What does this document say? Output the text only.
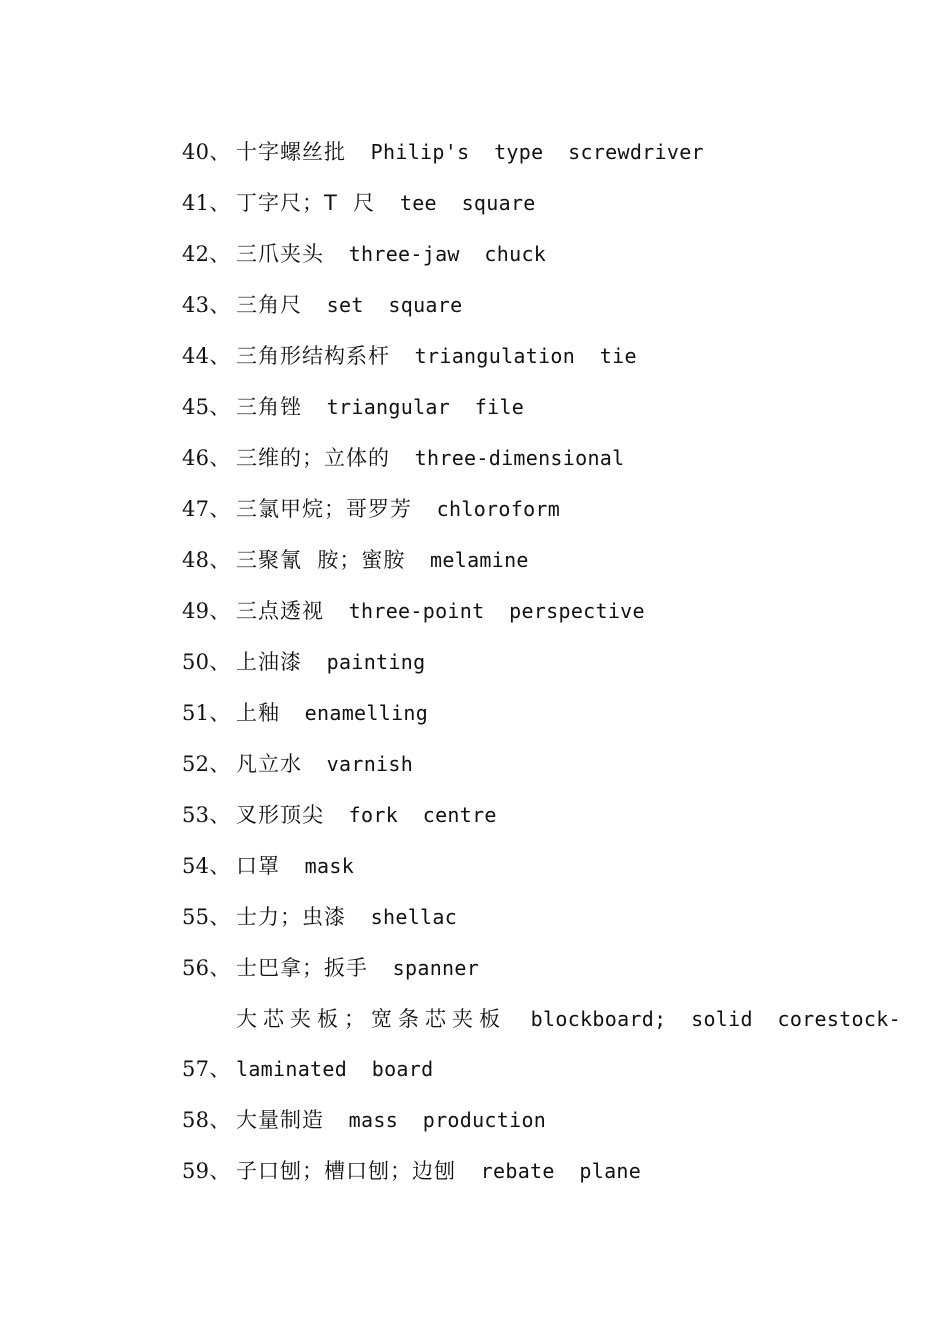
40、 十字螺丝批  Philip's  type  screwdriver
41、 丁字尺；T  尺  tee  square
42、 三爪夹头  three-jaw  chuck
43、 三角尺  set  square
44、 三角形结构系杆  triangulation  tie
45、 三角锉  triangular  file
46、 三维的；立体的  three-dimensional
47、 三氯甲烷；哥罗芳  chloroform
48、 三聚氰  胺；蜜胺  melamine
49、 三点透视  three-point  perspective
50、 上油漆  painting
51、 上釉  enamelling
52、 凡立水  varnish
53、 叉形顶尖  fork  centre
54、 口罩  mask
55、 士力；虫漆  shellac
56、 士巴拿；扳手  spanner
大芯夹板；宽条芯夹板  blockboard;  solid  corestock-
57、 laminated  board
58、 大量制造  mass  production
59、 子口刨；槽口刨；边刨  rebate  plane
